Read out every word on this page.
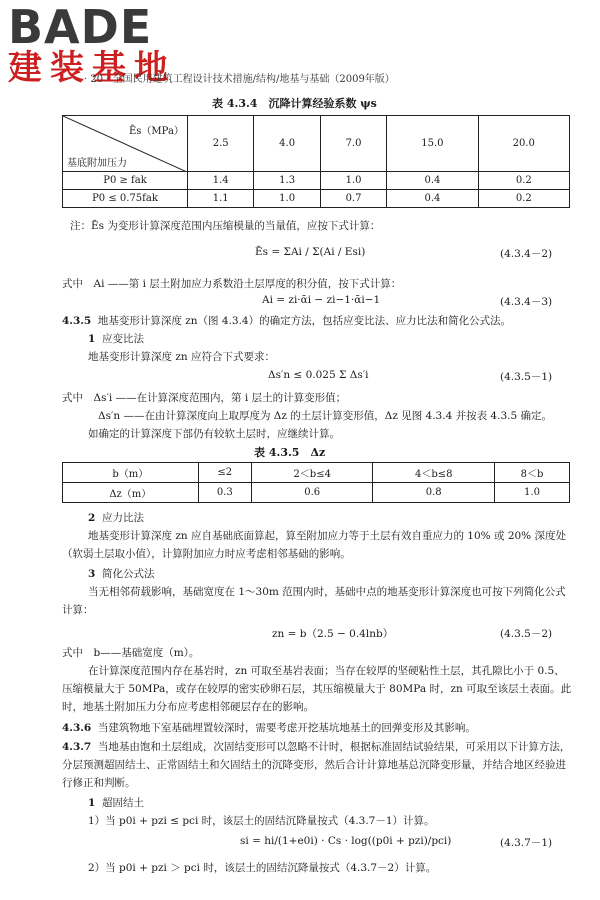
BADE
建装基地
· 20 · 全国民用建筑工程设计技术措施/结构/地基与基础（2009年版）
表 4.3.4　沉降计算经验系数 ψs
Ēs（MPa）
基底附加压力	2.5	4.0	7.0	15.0	20.0
P0 ≥ fak	1.4	1.3	1.0	0.4	0.2
P0 ≤ 0.75fak	1.1	1.0	0.7	0.4	0.2
注：Ēs 为变形计算深度范围内压缩模量的当量值，应按下式计算：
Ēs = ΣAi / Σ(Ai / Esi)	(4.3.4－2)
式中　Ai ——第 i 层土附加应力系数沿土层厚度的积分值，按下式计算：
Ai = zi·ᾱi − zi−1·ᾱi−1	(4.3.4－3)
4.3.5 地基变形计算深度 zn（图 4.3.4）的确定方法，包括应变比法、应力比法和简化公式法。
1 应变比法
地基变形计算深度 zn 应符合下式要求：
Δs′n ≤ 0.025 Σ Δs′i	(4.3.5－1)
式中　Δs′i ——在计算深度范围内，第 i 层土的计算变形值；
Δs′n ——在由计算深度向上取厚度为 Δz 的土层计算变形值，Δz 见图 4.3.4 并按表 4.3.5 确定。
如确定的计算深度下部仍有较软土层时，应继续计算。
表 4.3.5　Δz
b（m）	≤2	2＜b≤4	4＜b≤8	8＜b
Δz（m）	0.3	0.6	0.8	1.0
2 应力比法
地基变形计算深度 zn 应自基础底面算起，算至附加应力等于土层有效自重应力的 10% 或 20% 深度处（软弱土层取小值），计算附加应力时应考虑相邻基础的影响。
3 简化公式法
当无相邻荷载影响，基础宽度在 1～30m 范围内时，基础中点的地基变形计算深度也可按下列简化公式计算：
zn = b（2.5 − 0.4lnb）	(4.3.5－2)
式中　b——基础宽度（m）。
在计算深度范围内存在基岩时，zn 可取至基岩表面；当存在较厚的坚硬粘性土层，其孔隙比小于 0.5、压缩模量大于 50MPa，或存在较厚的密实砂卵石层，其压缩模量大于 80MPa 时，zn 可取至该层土表面。此时，地基土附加压力分布应考虑相邻硬层存在的影响。
4.3.6 当建筑物地下室基础埋置较深时，需要考虑开挖基坑地基土的回弹变形及其影响。
4.3.7 当地基由饱和土层组成，次固结变形可以忽略不计时，根据标准固结试验结果，可采用以下计算方法，分层预测超固结土、正常固结土和欠固结土的沉降变形，然后合计计算地基总沉降变形量，并结合地区经验进行修正和判断。
1 超固结土
1）当 p0i + pzi ≤ pci 时，该层土的固结沉降量按式（4.3.7－1）计算。
si = hi/(1+e0i) · Cs · log((p0i + pzi)/pci)	(4.3.7－1)
2）当 p0i + pzi ＞ pci 时，该层土的固结沉降量按式（4.3.7－2）计算。
